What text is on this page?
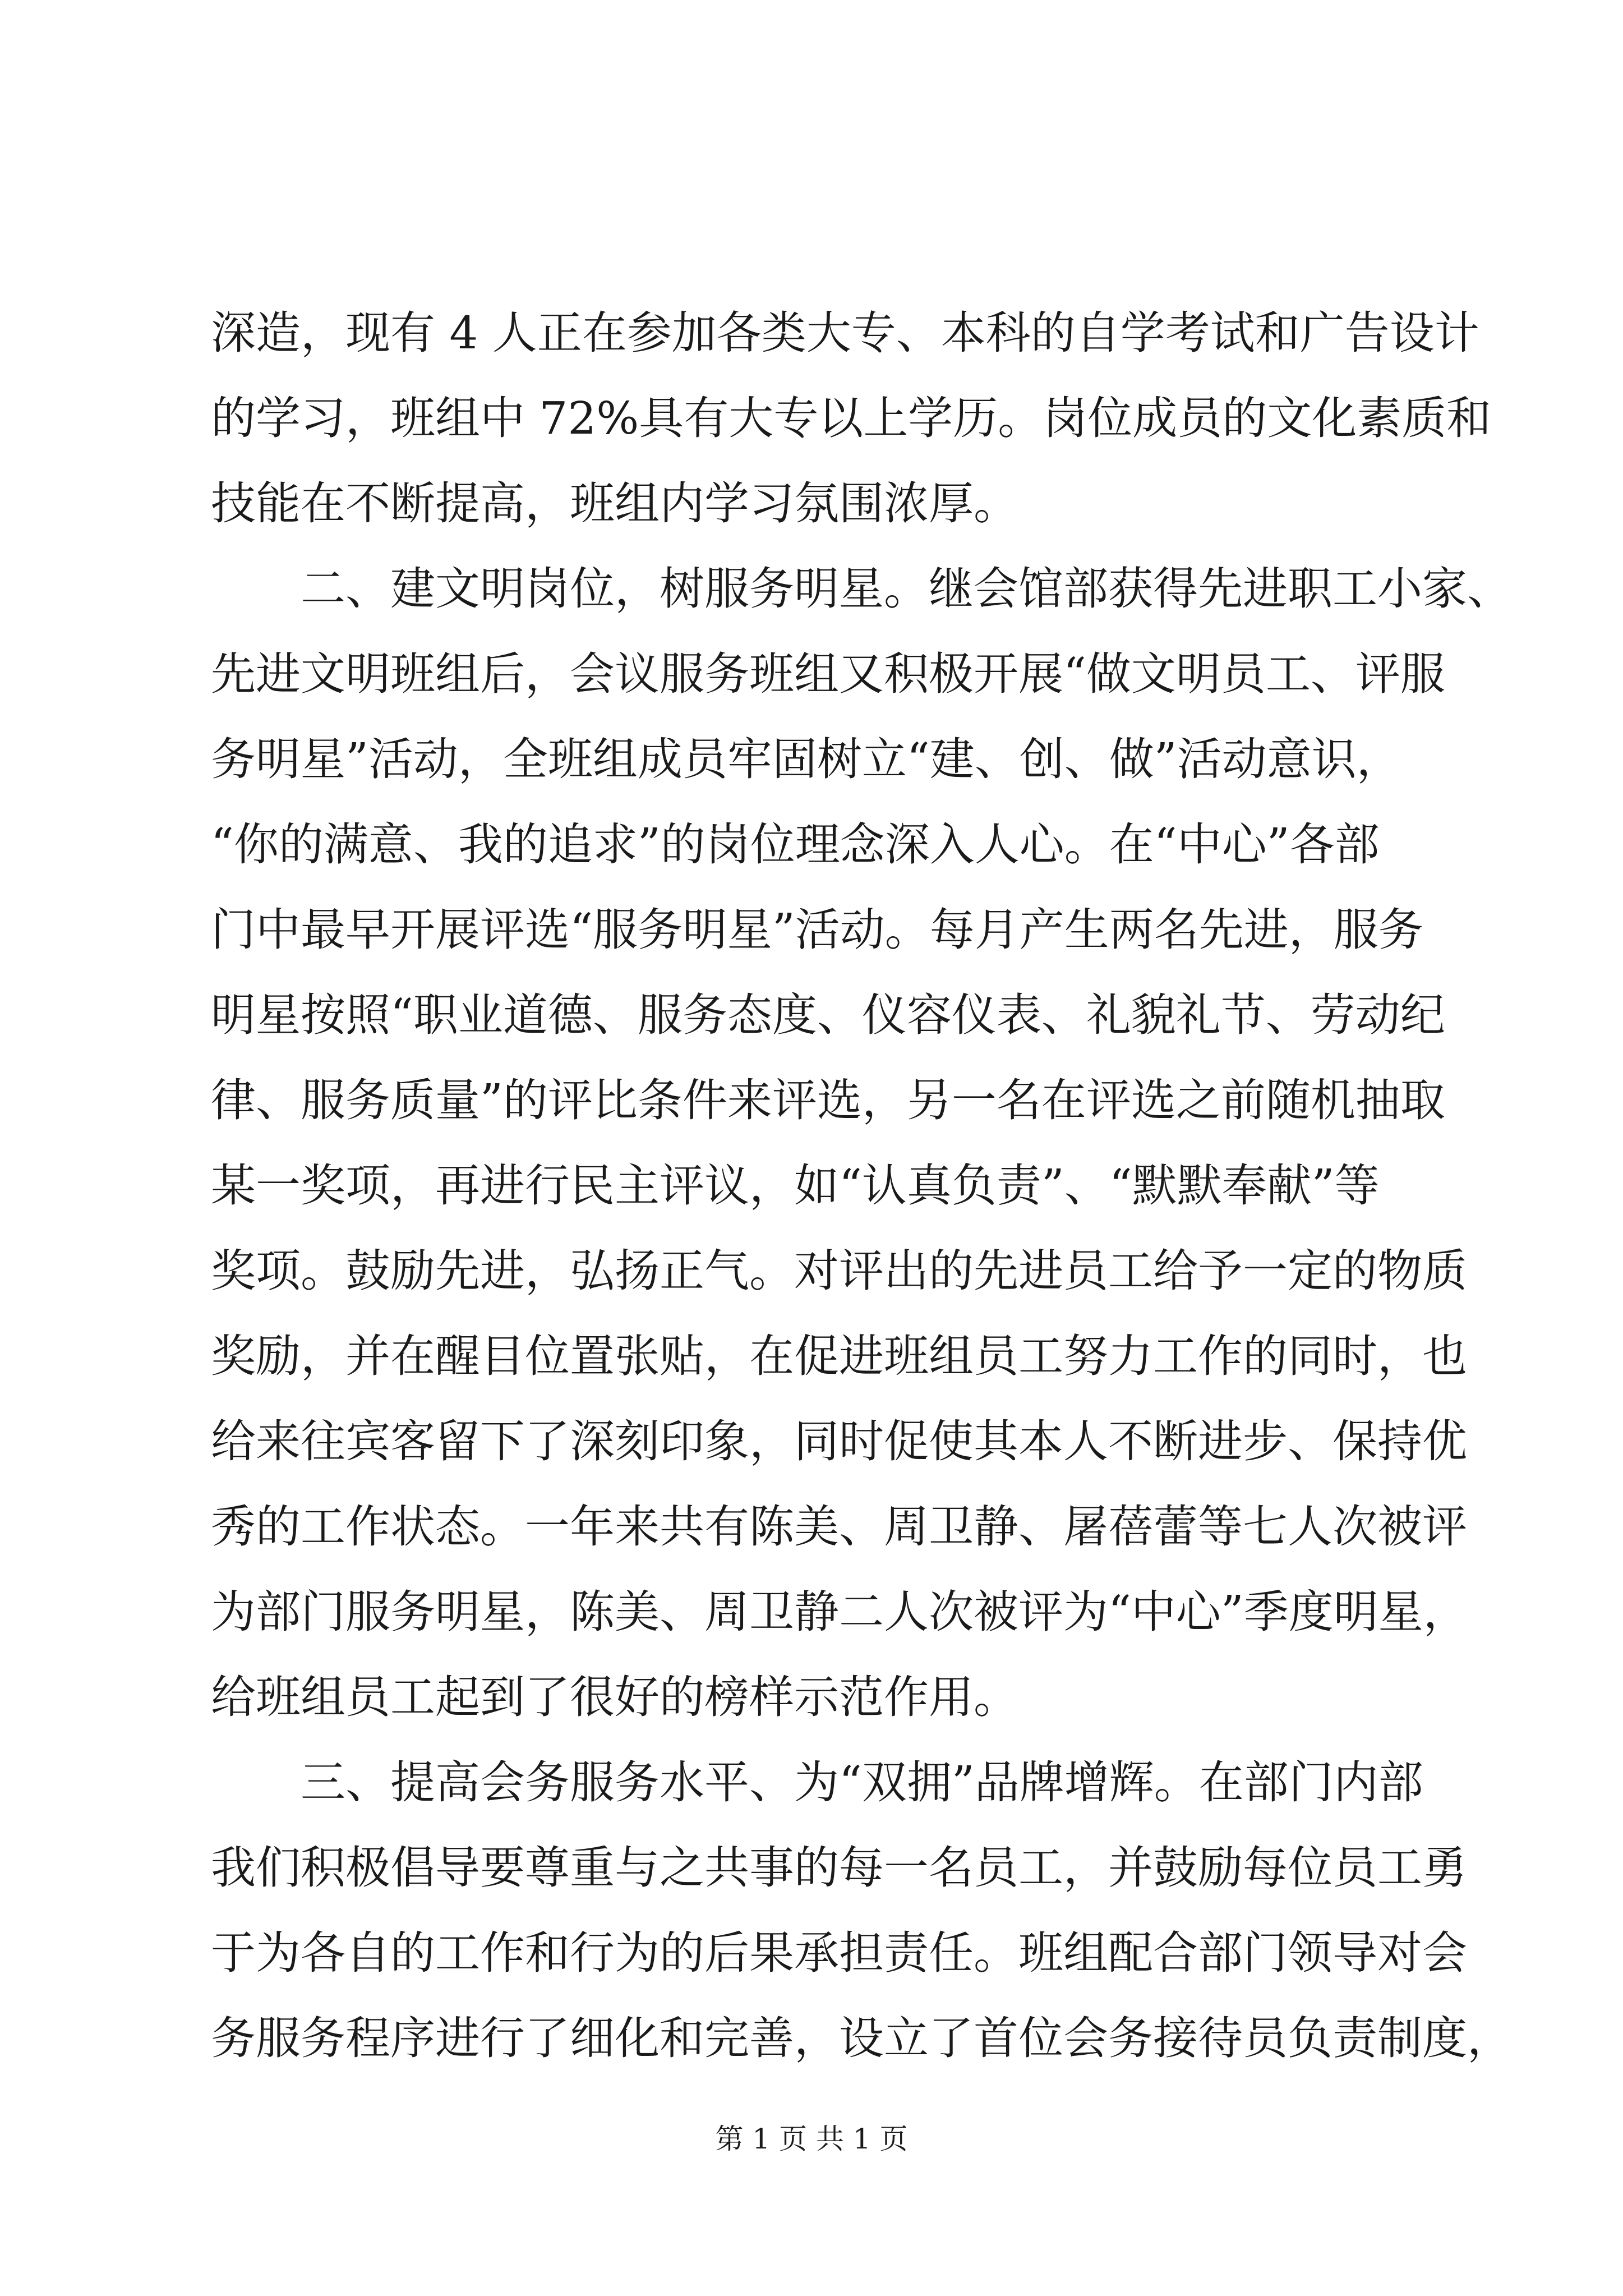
深造，现有 4 人正在参加各类大专、本科的自学考试和广告设计
的学习，班组中 72%具有大专以上学历。岗位成员的文化素质和
技能在不断提高，班组内学习氛围浓厚。
二、建文明岗位，树服务明星。继会馆部获得先进职工小家、
先进文明班组后，会议服务班组又积极开展“做文明员工、评服
务明星”活动，全班组成员牢固树立“建、创、做”活动意识，
“你的满意、我的追求”的岗位理念深入人心。在“中心”各部
门中最早开展评选“服务明星”活动。每月产生两名先进，服务
明星按照“职业道德、服务态度、仪容仪表、礼貌礼节、劳动纪
律、服务质量”的评比条件来评选，另一名在评选之前随机抽取
某一奖项，再进行民主评议，如“认真负责”、“默默奉献”等
奖项。鼓励先进，弘扬正气。对评出的先进员工给予一定的物质
奖励，并在醒目位置张贴，在促进班组员工努力工作的同时，也
给来往宾客留下了深刻印象，同时促使其本人不断进步、保持优
秀的工作状态。一年来共有陈美、周卫静、屠蓓蕾等七人次被评
为部门服务明星，陈美、周卫静二人次被评为“中心”季度明星，
给班组员工起到了很好的榜样示范作用。
三、提高会务服务水平、为“双拥”品牌增辉。在部门内部
我们积极倡导要尊重与之共事的每一名员工，并鼓励每位员工勇
于为各自的工作和行为的后果承担责任。班组配合部门领导对会
务服务程序进行了细化和完善，设立了首位会务接待员负责制度，
第 1 页 共 1 页
